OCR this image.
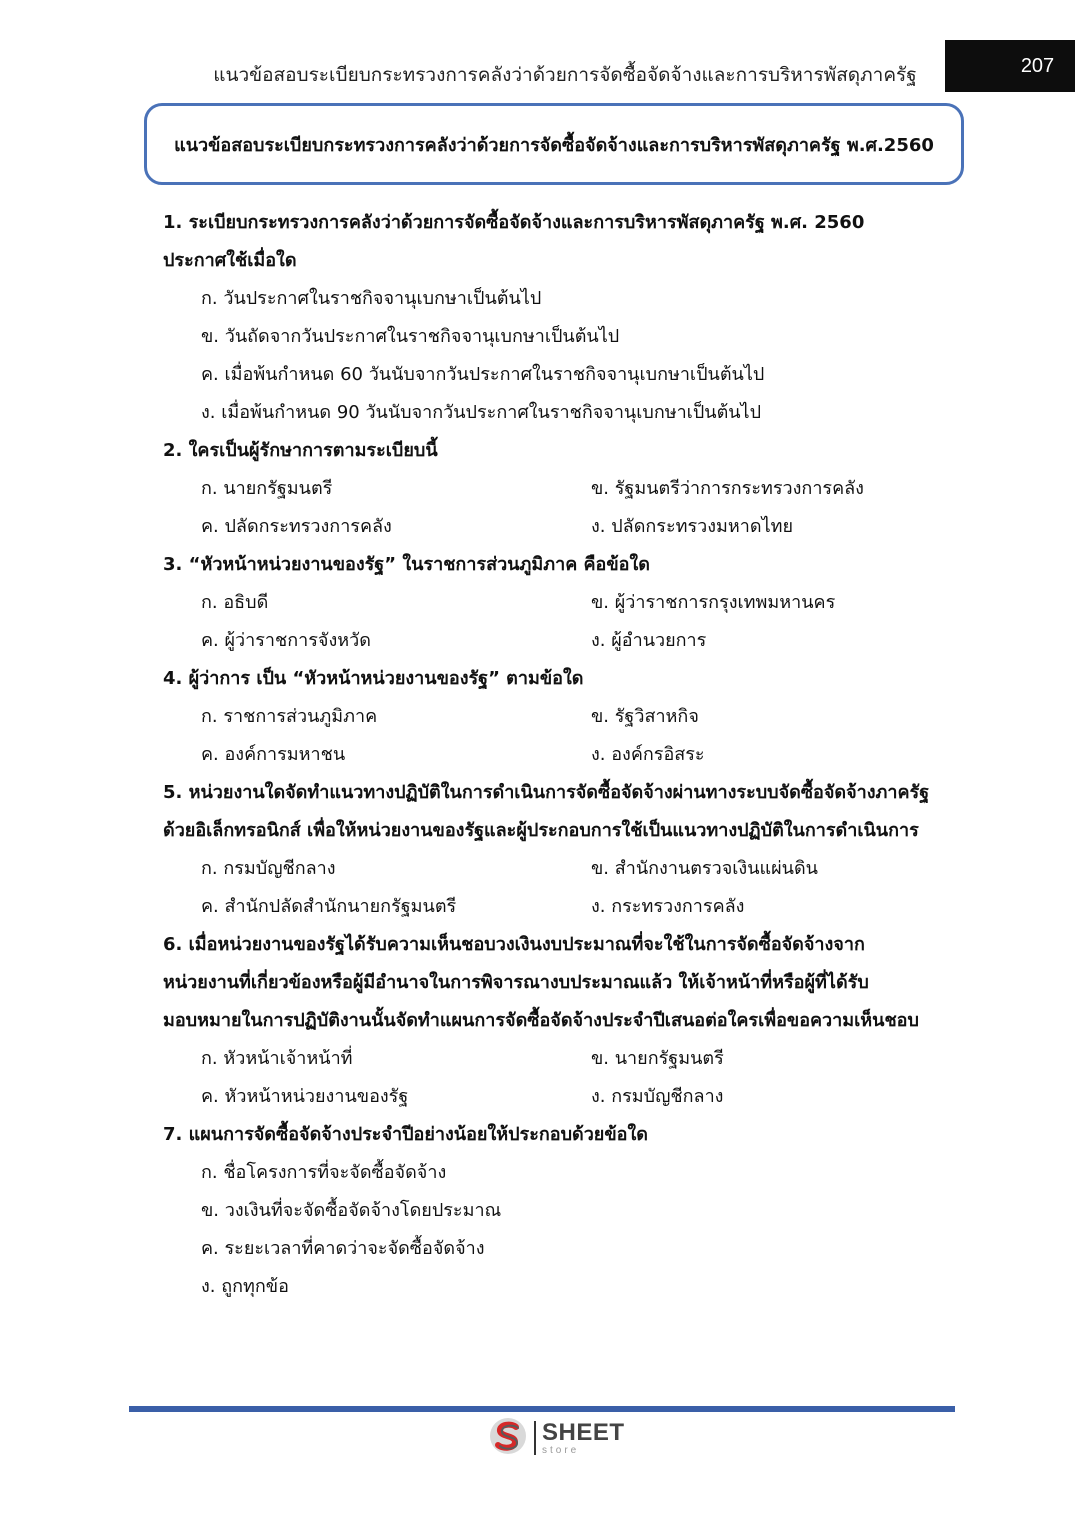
แนวข้อสอบระเบียบกระทรวงการคลังว่าด้วยการจัดซื้อจัดจ้างและการบริหารพัสดุภาครัฐ	207
แนวข้อสอบระเบียบกระทรวงการคลังว่าด้วยการจัดซื้อจัดจ้างและการบริหารพัสดุภาครัฐ พ.ศ.2560
1. ระเบียบกระทรวงการคลังว่าด้วยการจัดซื้อจัดจ้างและการบริหารพัสดุภาครัฐ พ.ศ. 2560
ประกาศใช้เมื่อใด
ก. วันประกาศในราชกิจจานุเบกษาเป็นต้นไป
ข. วันถัดจากวันประกาศในราชกิจจานุเบกษาเป็นต้นไป
ค. เมื่อพ้นกำหนด 60 วันนับจากวันประกาศในราชกิจจานุเบกษาเป็นต้นไป
ง. เมื่อพ้นกำหนด 90 วันนับจากวันประกาศในราชกิจจานุเบกษาเป็นต้นไป
2. ใครเป็นผู้รักษาการตามระเบียบนี้
ก. นายกรัฐมนตรี	ข. รัฐมนตรีว่าการกระทรวงการคลัง
ค. ปลัดกระทรวงการคลัง	ง. ปลัดกระทรวงมหาดไทย
3. “หัวหน้าหน่วยงานของรัฐ” ในราชการส่วนภูมิภาค คือข้อใด
ก. อธิบดี	ข. ผู้ว่าราชการกรุงเทพมหานคร
ค. ผู้ว่าราชการจังหวัด	ง. ผู้อำนวยการ
4. ผู้ว่าการ เป็น “หัวหน้าหน่วยงานของรัฐ” ตามข้อใด
ก. ราชการส่วนภูมิภาค	ข. รัฐวิสาหกิจ
ค. องค์การมหาชน	ง. องค์กรอิสระ
5. หน่วยงานใดจัดทำแนวทางปฏิบัติในการดำเนินการจัดซื้อจัดจ้างผ่านทางระบบจัดซื้อจัดจ้างภาครัฐ
ด้วยอิเล็กทรอนิกส์ เพื่อให้หน่วยงานของรัฐและผู้ประกอบการใช้เป็นแนวทางปฏิบัติในการดำเนินการ
ก. กรมบัญชีกลาง	ข. สำนักงานตรวจเงินแผ่นดิน
ค. สำนักปลัดสำนักนายกรัฐมนตรี	ง. กระทรวงการคลัง
6. เมื่อหน่วยงานของรัฐได้รับความเห็นชอบวงเงินงบประมาณที่จะใช้ในการจัดซื้อจัดจ้างจาก
หน่วยงานที่เกี่ยวข้องหรือผู้มีอำนาจในการพิจารณางบประมาณแล้ว ให้เจ้าหน้าที่หรือผู้ที่ได้รับ
มอบหมายในการปฏิบัติงานนั้นจัดทำแผนการจัดซื้อจัดจ้างประจำปีเสนอต่อใครเพื่อขอความเห็นชอบ
ก. หัวหน้าเจ้าหน้าที่	ข. นายกรัฐมนตรี
ค. หัวหน้าหน่วยงานของรัฐ	ง. กรมบัญชีกลาง
7. แผนการจัดซื้อจัดจ้างประจำปีอย่างน้อยให้ประกอบด้วยข้อใด
ก. ชื่อโครงการที่จะจัดซื้อจัดจ้าง
ข. วงเงินที่จะจัดซื้อจัดจ้างโดยประมาณ
ค. ระยะเวลาที่คาดว่าจะจัดซื้อจัดจ้าง
ง. ถูกทุกข้อ
SHEET
store
